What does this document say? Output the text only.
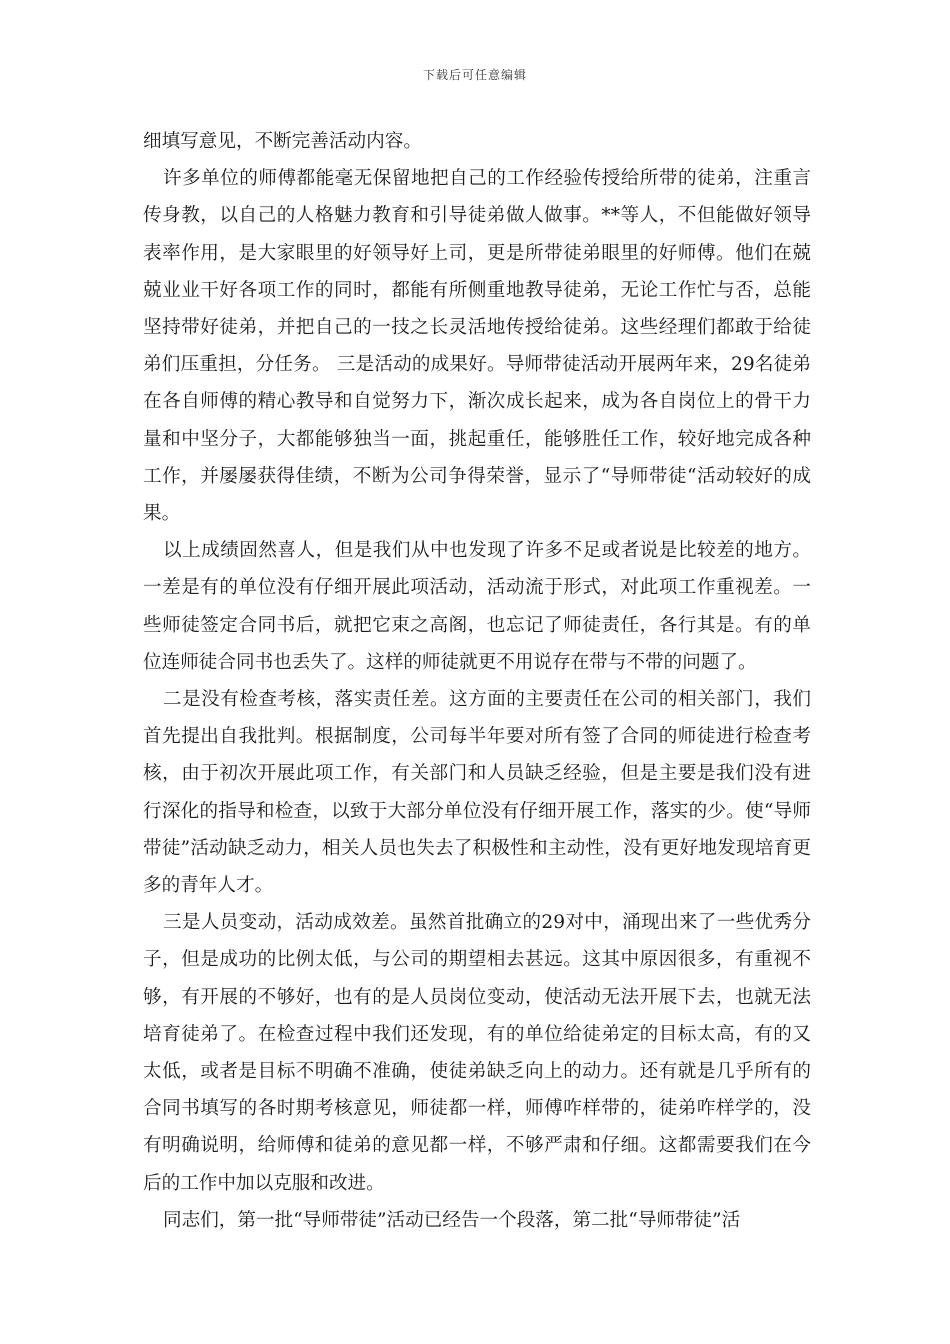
下载后可任意编辑

细填写意见，不断完善活动内容。

许多单位的师傅都能毫无保留地把自己的工作经验传授给所带的徒弟，注重言传身教，以自己的人格魅力教育和引导徒弟做人做事。**等人，不但能做好领导表率作用，是大家眼里的好领导好上司，更是所带徒弟眼里的好师傅。他们在兢兢业业干好各项工作的同时，都能有所侧重地教导徒弟，无论工作忙与否，总能坚持带好徒弟，并把自己的一技之长灵活地传授给徒弟。这些经理们都敢于给徒弟们压重担，分任务。 三是活动的成果好。导师带徒活动开展两年来，29名徒弟在各自师傅的精心教导和自觉努力下，渐次成长起来，成为各自岗位上的骨干力量和中坚分子，大都能够独当一面，挑起重任，能够胜任工作，较好地完成各种工作，并屡屡获得佳绩，不断为公司争得荣誉，显示了“导师带徒“活动较好的成果。

以上成绩固然喜人，但是我们从中也发现了许多不足或者说是比较差的地方。一差是有的单位没有仔细开展此项活动，活动流于形式，对此项工作重视差。一些师徒签定合同书后，就把它束之高阁，也忘记了师徒责任，各行其是。有的单位连师徒合同书也丢失了。这样的师徒就更不用说存在带与不带的问题了。

二是没有检查考核，落实责任差。这方面的主要责任在公司的相关部门，我们首先提出自我批判。根据制度，公司每半年要对所有签了合同的师徒进行检查考核，由于初次开展此项工作，有关部门和人员缺乏经验，但是主要是我们没有进行深化的指导和检查，以致于大部分单位没有仔细开展工作，落实的少。使“导师带徒”活动缺乏动力，相关人员也失去了积极性和主动性，没有更好地发现培育更多的青年人才。

三是人员变动，活动成效差。虽然首批确立的29对中，涌现出来了一些优秀分子，但是成功的比例太低，与公司的期望相去甚远。这其中原因很多，有重视不够，有开展的不够好，也有的是人员岗位变动，使活动无法开展下去，也就无法培育徒弟了。在检查过程中我们还发现，有的单位给徒弟定的目标太高，有的又太低，或者是目标不明确不准确，使徒弟缺乏向上的动力。还有就是几乎所有的合同书填写的各时期考核意见，师徒都一样，师傅咋样带的，徒弟咋样学的，没有明确说明，给师傅和徒弟的意见都一样，不够严肃和仔细。这都需要我们在今后的工作中加以克服和改进。

同志们，第一批“导师带徒”活动已经告一个段落，第二批“导师带徒”活
